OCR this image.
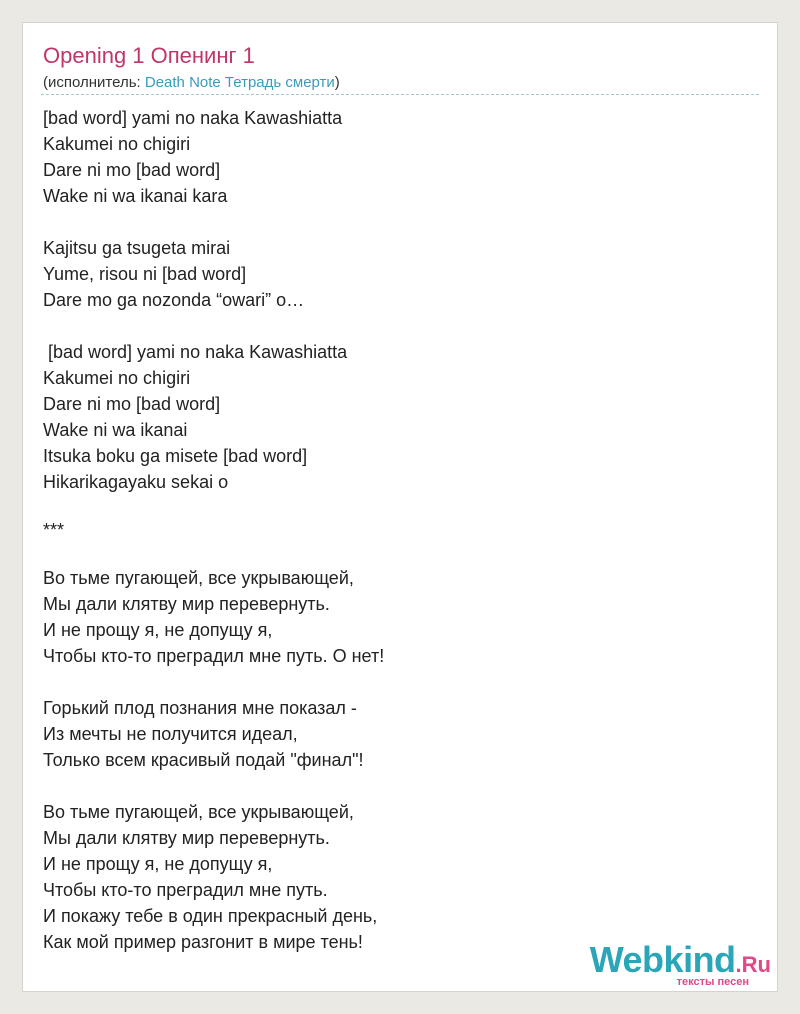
Opening 1 Опенинг 1
(исполнитель: Death Note Тетрадь смерти)
[bad word] yami no naka Kawashiatta
Kakumei no chigiri
Dare ni mo [bad word]
Wake ni wa ikanai kara
Kajitsu ga tsugeta mirai
Yume, risou ni [bad word]
Dare mo ga nozonda “owari” o…
[bad word] yami no naka Kawashiatta
Kakumei no chigiri
Dare ni mo [bad word]
Wake ni wa ikanai
Itsuka boku ga misete [bad word]
Hikarikagayaku sekai o
***
Во тьме пугающей, все укрывающей,
Мы дали клятву мир перевернуть.
И не прощу я, не допущу я,
Чтобы кто-то преградил мне путь. О нет!
Горький плод познания мне показал -
Из мечты не получится идеал,
Только всем красивый подай "финал"!
Во тьме пугающей, все укрывающей,
Мы дали клятву мир перевернуть.
И не прощу я, не допущу я,
Чтобы кто-то преградил мне путь.
И покажу тебе в один прекрасный день,
Как мой пример разгонит в мире тень!	Webkind.Ru
тексты песен
